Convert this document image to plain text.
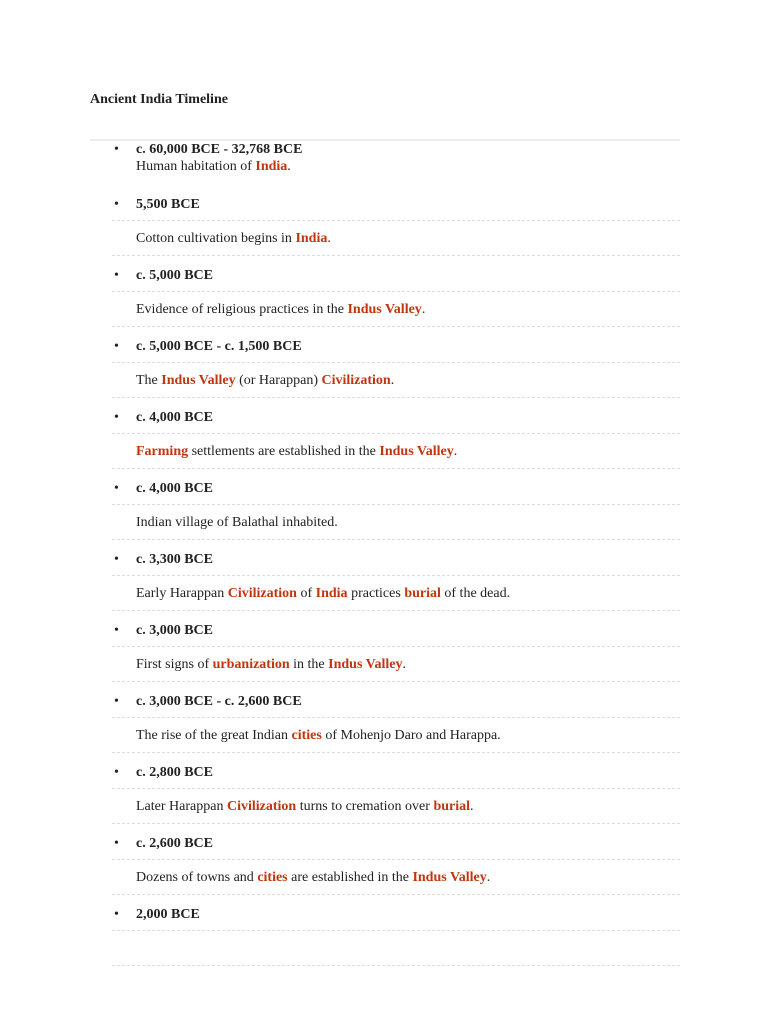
Ancient India Timeline
• c. 60,000 BCE - 32,768 BCE
Human habitation of India.
• 5,500 BCE
Cotton cultivation begins in India.
• c. 5,000 BCE
Evidence of religious practices in the Indus Valley.
• c. 5,000 BCE - c. 1,500 BCE
The Indus Valley (or Harappan) Civilization.
• c. 4,000 BCE
Farming settlements are established in the Indus Valley.
• c. 4,000 BCE
Indian village of Balathal inhabited.
• c. 3,300 BCE
Early Harappan Civilization of India practices burial of the dead.
• c. 3,000 BCE
First signs of urbanization in the Indus Valley.
• c. 3,000 BCE - c. 2,600 BCE
The rise of the great Indian cities of Mohenjo Daro and Harappa.
• c. 2,800 BCE
Later Harappan Civilization turns to cremation over burial.
• c. 2,600 BCE
Dozens of towns and cities are established in the Indus Valley.
• 2,000 BCE
